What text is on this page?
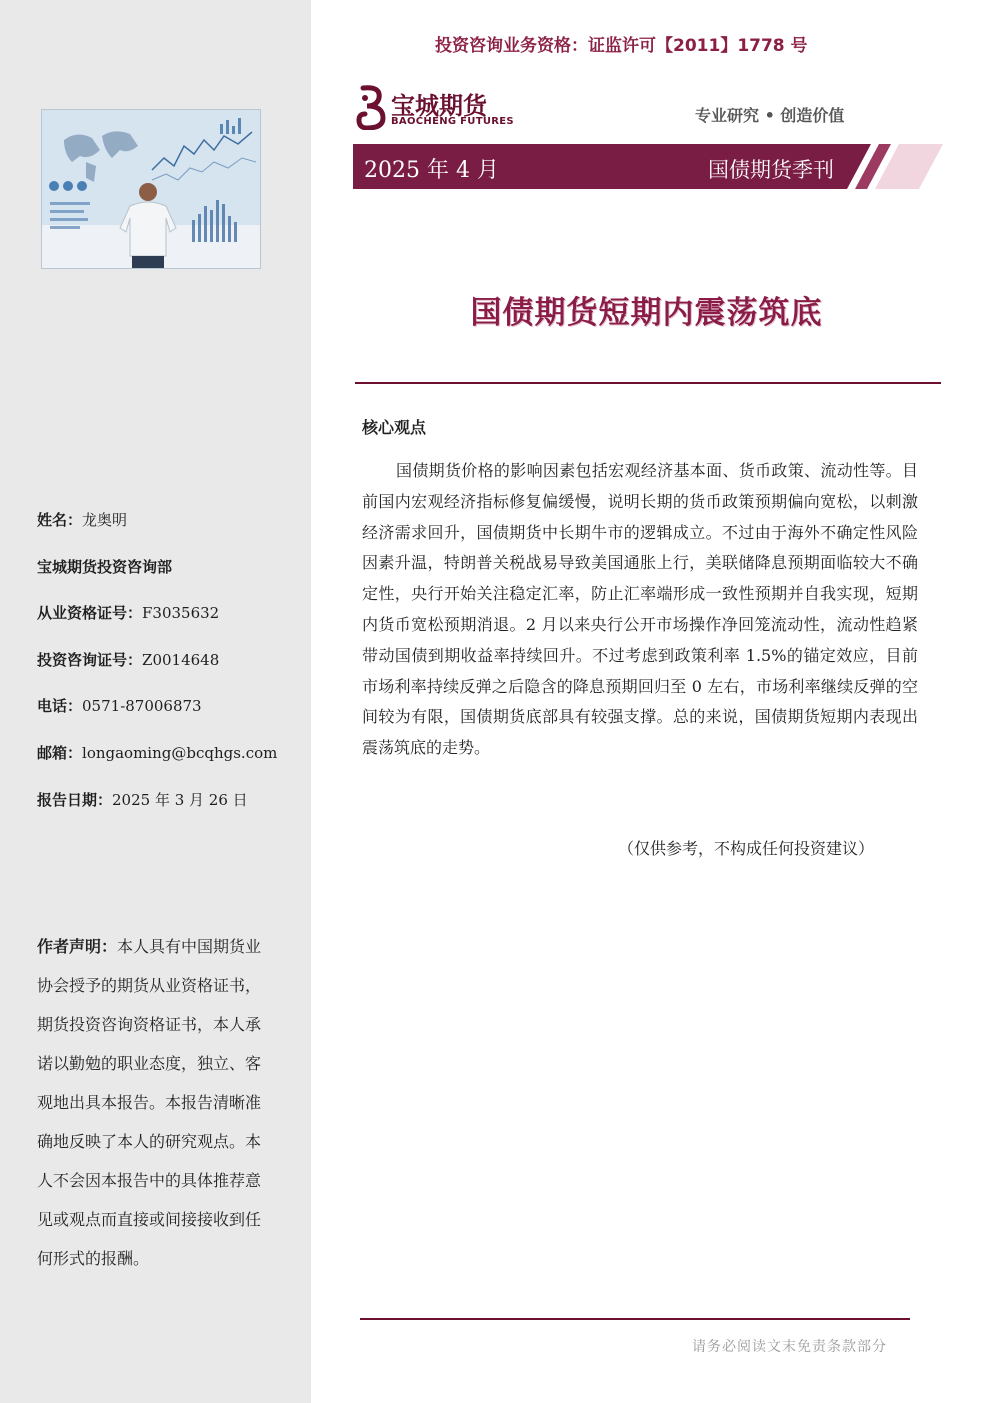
姓名：龙奥明
宝城期货投资咨询部
从业资格证号：F3035632
投资咨询证号：Z0014648
电话：0571-87006873
邮箱：longaoming@bcqhgs.com
报告日期：2025 年 3 月 26 日
作者声明：本人具有中国期货业协会授予的期货从业资格证书，期货投资咨询资格证书，本人承诺以勤勉的职业态度，独立、客观地出具本报告。本报告清晰准确地反映了本人的研究观点。本人不会因本报告中的具体推荐意见或观点而直接或间接接收到任何形式的报酬。
投资咨询业务资格：证监许可【2011】1778 号
宝城期货
BAOCHENG FUTURES	专业研究 • 创造价值
2025 年 4 月	国债期货季刊
国债期货短期内震荡筑底
核心观点
国债期货价格的影响因素包括宏观经济基本面、货币政策、流动性等。目前国内宏观经济指标修复偏缓慢，说明长期的货币政策预期偏向宽松，以刺激经济需求回升，国债期货中长期牛市的逻辑成立。不过由于海外不确定性风险因素升温，特朗普关税战易导致美国通胀上行，美联储降息预期面临较大不确定性，央行开始关注稳定汇率，防止汇率端形成一致性预期并自我实现，短期内货币宽松预期消退。2 月以来央行公开市场操作净回笼流动性，流动性趋紧带动国债到期收益率持续回升。不过考虑到政策利率 1.5%的锚定效应，目前市场利率持续反弹之后隐含的降息预期回归至 0 左右，市场利率继续反弹的空间较为有限，国债期货底部具有较强支撑。总的来说，国债期货短期内表现出震荡筑底的走势。
（仅供参考，不构成任何投资建议）
请务必阅读文末免责条款部分
